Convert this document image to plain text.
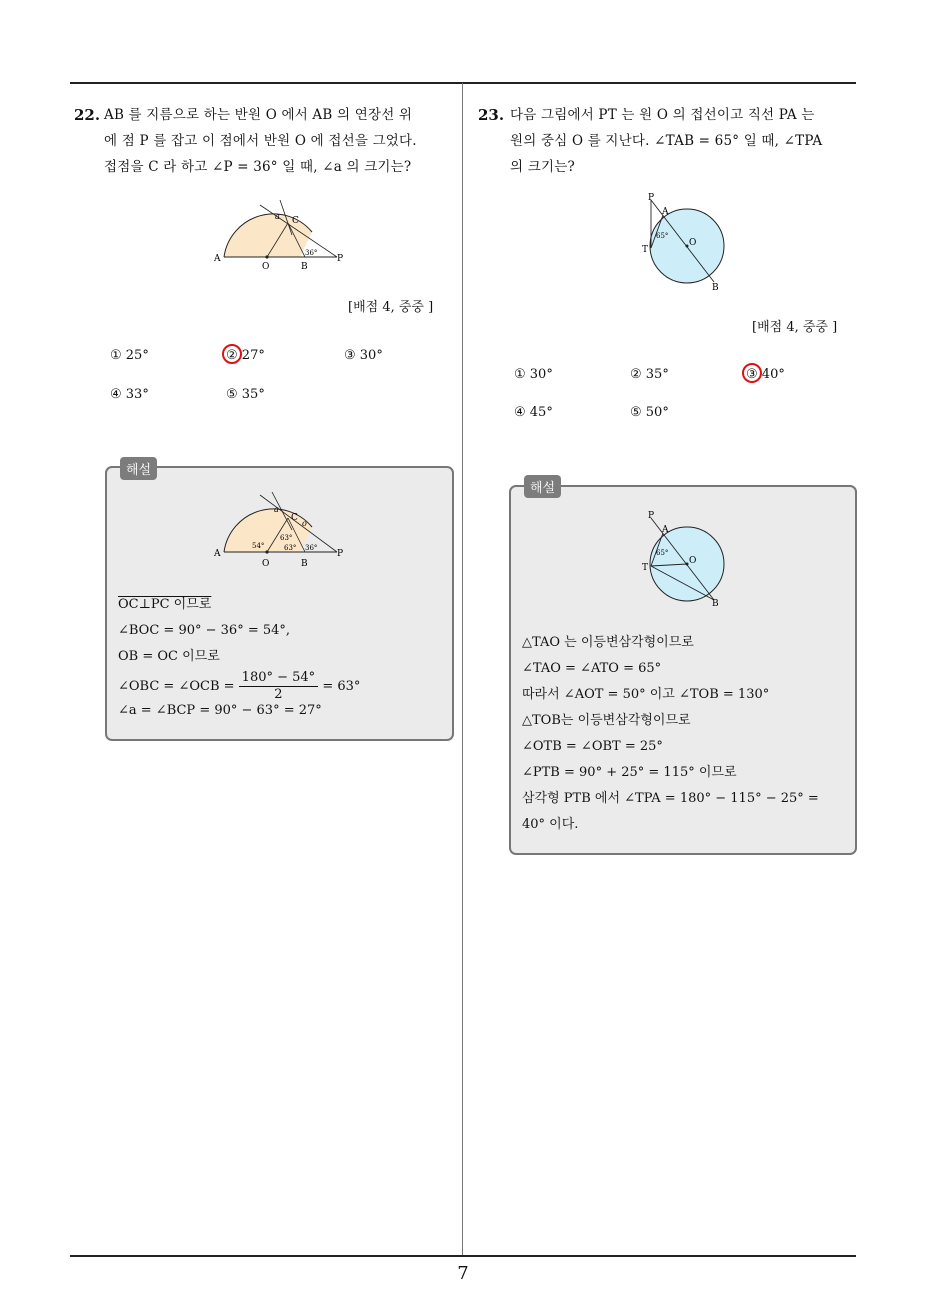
7
22. AB 를 지름으로 하는 반원 O 에서 AB 의 연장선 위
에 점 P 를 잡고 이 점에서 반원 O 에 접선을 그었다.
접점을 C 라 하고 ∠P = 36° 일 때, ∠a 의 크기는?
A
O	B
C
P
a
36°
[배점 4, 중중 ]
① 25°	② 27°	③ 30°
④ 33°	⑤ 35°
해설
A
O	B
C
P
a
54°
63°
63° 36°
o
OC⊥PC 이므로
∠BOC = 90° − 36° = 54°,
OB = OC 이므로
∠OBC = ∠OCB = $\frac{180^\circ - 54^\circ}{2} = 63^\circ$
∠a = ∠BCP = 90° − 63° = 27°
23. 다음 그림에서 PT 는 원 O 의 접선이고 직선 PA 는
원의 중심 O 를 지난다. ∠TAB = 65° 일 때, ∠TPA
의 크기는?
P
A
O
T
B
65°
[배점 4, 중중 ]
① 30°	② 35°	③ 40°
④ 45°	⑤ 50°
해설
P
A
O
T
B
65°
△TAO 는 이등변삼각형이므로
∠TAO = ∠ATO = 65°
따라서 ∠AOT = 50° 이고 ∠TOB = 130°
△TOB는 이등변삼각형이므로
∠OTB = ∠OBT = 25°
∠PTB = 90° + 25° = 115° 이므로
삼각형 PTB 에서 ∠TPA = 180° − 115° − 25° =
40° 이다.
